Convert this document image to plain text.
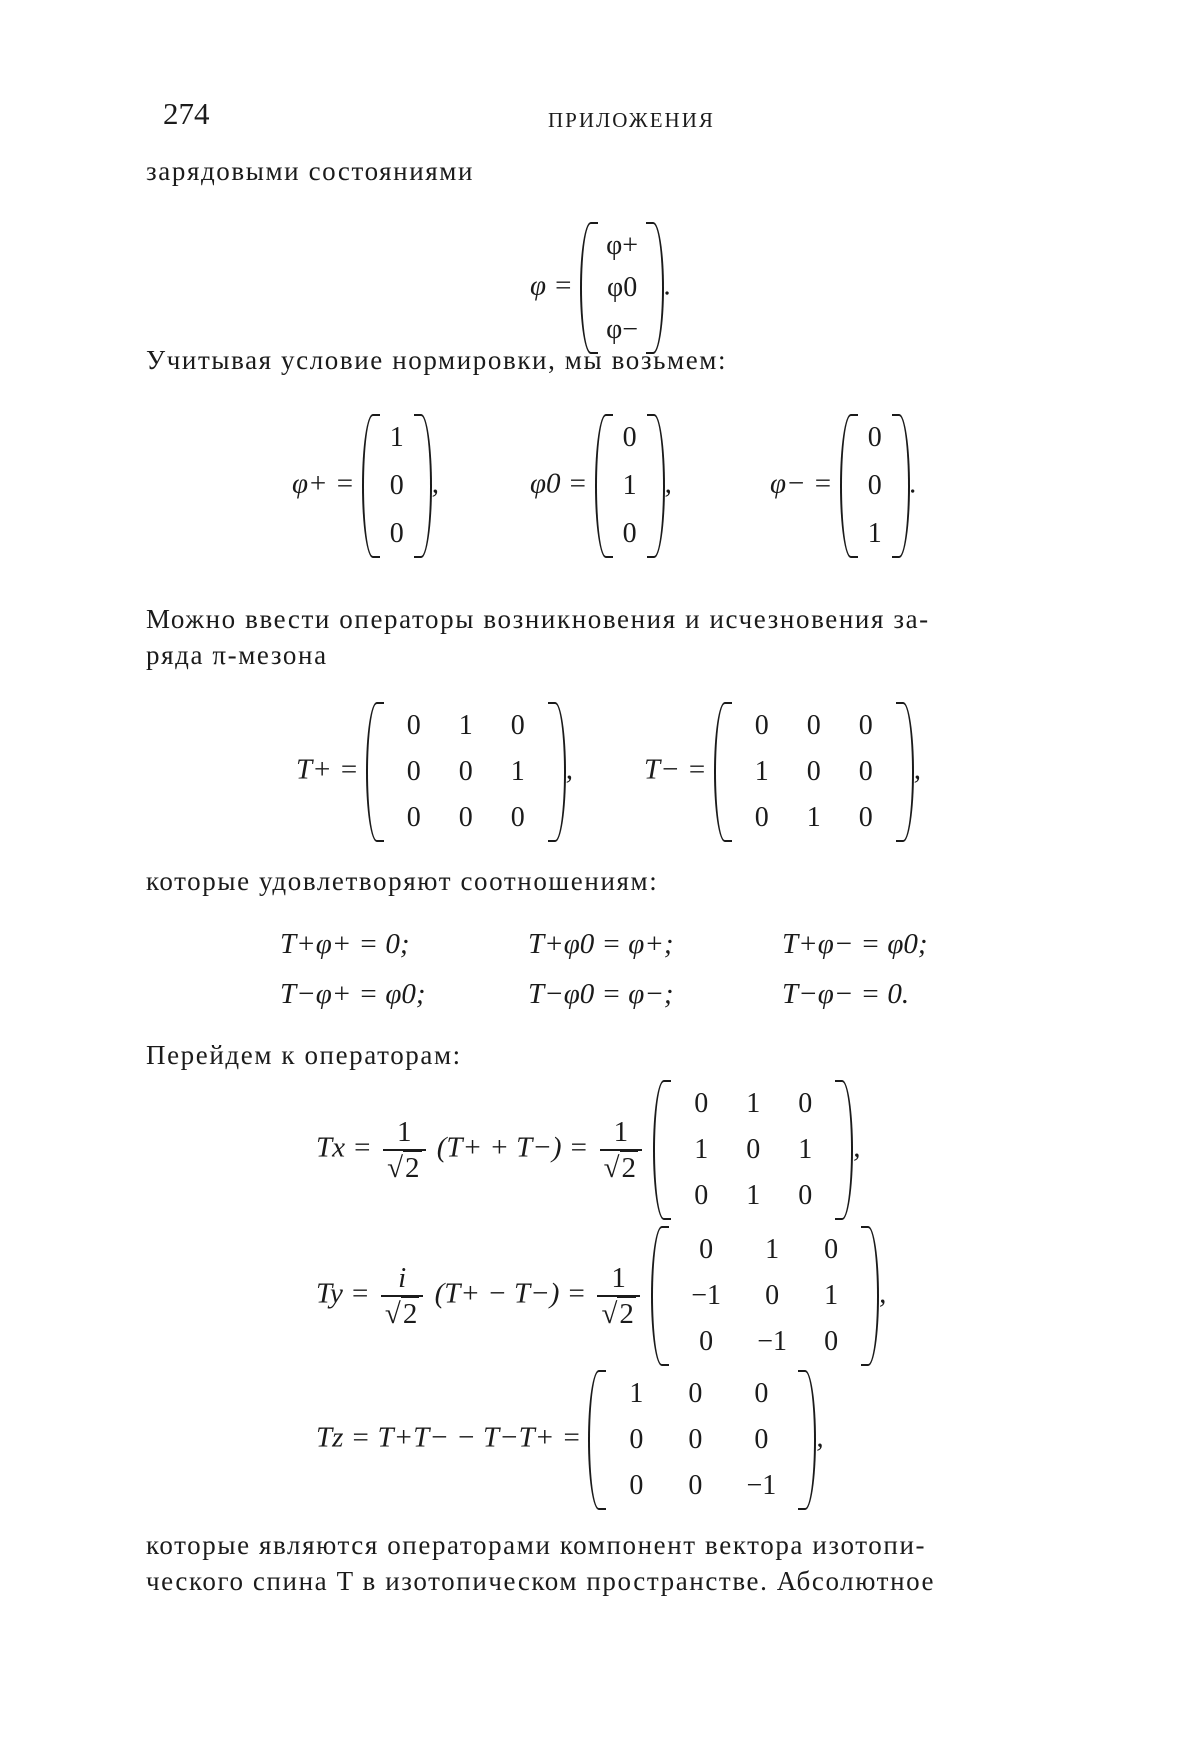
274	ПРИЛОЖЕНИЯ
зарядовыми состояниями
φ =
φ+
φ0
φ−
.
Учитывая условие нормировки, мы возьмем:
φ+ =
1
0
0
,	φ0 =
0
1
0
,	φ− =
0
0
1
.
Можно ввести операторы возникновения и исчезновения за-
ряда π-мезона
T+ =
0	1	0
0	0	1
0	0	0
, T− =
0	0	0
1	0	0
0	1	0
,
которые удовлетворяют соотношениям:
T+φ+ = 0;	T+φ0 = φ+;	T+φ− = φ0;
T−φ+ = φ0;	T−φ0 = φ−;	T−φ− = 0.
Перейдем к операторам:
$Tx = \frac{1}{√2} (T+ + T-) = \frac{1}{√2}$

0	1	0
1	0	1
0	1	0
,
$Ty = \frac{i}{√2} (T+ - T-) = \frac{1}{√2}$

0	1	0
−1	0	1
0	−1	0
,
Tz = T+T− − T−T+ =
1	0	0
0	0	0
0	0	−1
,
которые являются операторами компонент вектора изотопи-
ческого спина T в изотопическом пространстве. Абсолютное
